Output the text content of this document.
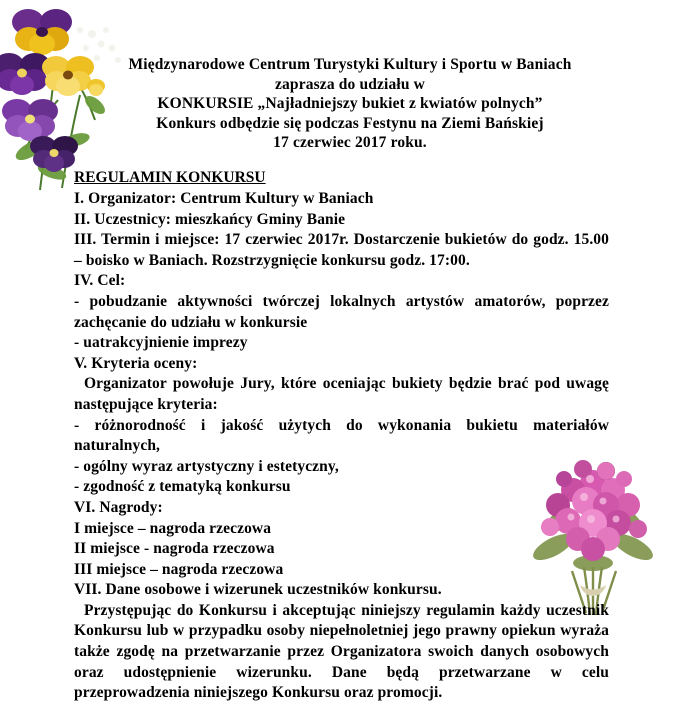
Międzynarodowe Centrum Turystyki Kultury i Sportu w Baniach
zaprasza do udziału w
KONKURSIE „Najładniejszy bukiet z kwiatów polnych”
Konkurs odbędzie się podczas Festynu na Ziemi Bańskiej
17 czerwiec 2017 roku.
REGULAMIN KONKURSU
I. Organizator: Centrum Kultury w Baniach
II. Uczestnicy: mieszkańcy Gminy Banie
III. Termin i miejsce: 17 czerwiec 2017r. Dostarczenie bukietów do godz. 15.00 – boisko w Baniach. Rozstrzygnięcie konkursu godz. 17:00.
IV. Cel:
- pobudzanie aktywności twórczej lokalnych artystów amatorów, poprzez zachęcanie do udziału w konkursie
- uatrakcyjnienie imprezy
V. Kryteria oceny:
Organizator powołuje Jury, które oceniając bukiety będzie brać pod uwagę następujące kryteria:
- różnorodność i jakość użytych do wykonania bukietu materiałów naturalnych,
- ogólny wyraz artystyczny i estetyczny,
- zgodność z tematyką konkursu
VI. Nagrody:
I miejsce – nagroda rzeczowa
II miejsce - nagroda rzeczowa
III miejsce – nagroda rzeczowa
VII. Dane osobowe i wizerunek uczestników konkursu.
Przystępując do Konkursu i akceptując niniejszy regulamin każdy uczestnik Konkursu lub w przypadku osoby niepełnoletniej jego prawny opiekun wyraża także zgodę na przetwarzanie przez Organizatora swoich danych osobowych oraz udostępnienie wizerunku. Dane będą przetwarzane w celu przeprowadzenia niniejszego Konkursu oraz promocji.
